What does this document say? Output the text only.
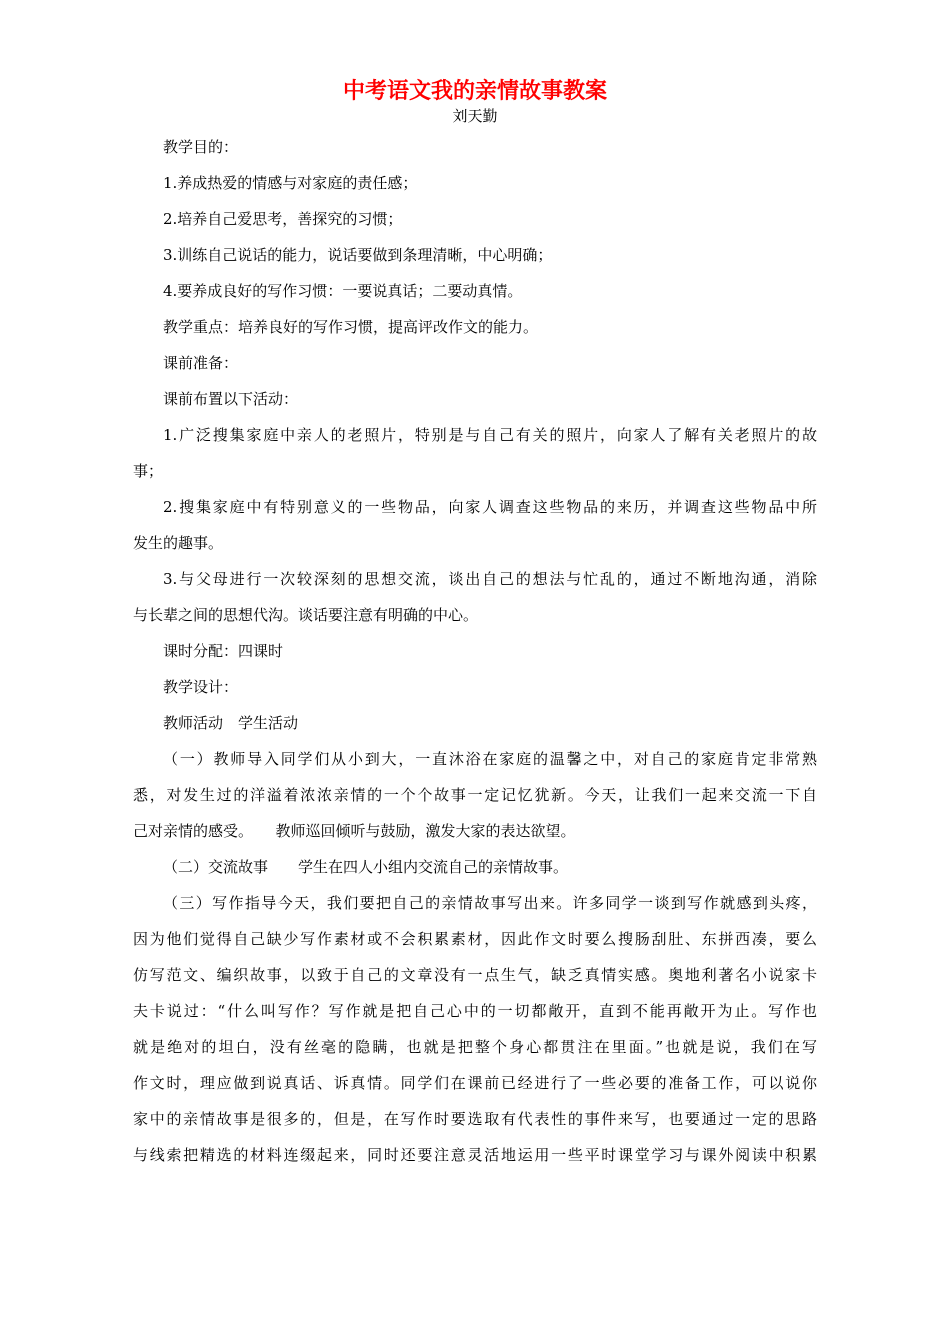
中考语文我的亲情故事教案
刘天勤

教学目的：

1.养成热爱的情感与对家庭的责任感；

2.培养自己爱思考，善探究的习惯；

3.训练自己说话的能力，说话要做到条理清晰，中心明确；

4.要养成良好的写作习惯：一要说真话；二要动真情。

教学重点：培养良好的写作习惯，提高评改作文的能力。

课前准备：

课前布置以下活动：

1.广泛搜集家庭中亲人的老照片，特别是与自己有关的照片，向家人了解有关老照片的故

事；

2.搜集家庭中有特别意义的一些物品，向家人调查这些物品的来历，并调查这些物品中所

发生的趣事。

3.与父母进行一次较深刻的思想交流，谈出自己的想法与忙乱的，通过不断地沟通，消除

与长辈之间的思想代沟。谈话要注意有明确的中心。

课时分配：四课时

教学设计：

教师活动　学生活动

（一）教师导入同学们从小到大，一直沐浴在家庭的温馨之中，对自己的家庭肯定非常熟

悉，对发生过的洋溢着浓浓亲情的一个个故事一定记忆犹新。今天，让我们一起来交流一下自

己对亲情的感受。　　教师巡回倾听与鼓励，激发大家的表达欲望。

（二）交流故事　　学生在四人小组内交流自己的亲情故事。

（三）写作指导今天，我们要把自己的亲情故事写出来。许多同学一谈到写作就感到头疼，

因为他们觉得自己缺少写作素材或不会积累素材，因此作文时要么搜肠刮肚、东拼西凑，要么

仿写范文、编织故事，以致于自己的文章没有一点生气，缺乏真情实感。奥地利著名小说家卡

夫卡说过：“什么叫写作？写作就是把自己心中的一切都敞开，直到不能再敞开为止。写作也

就是绝对的坦白，没有丝毫的隐瞒，也就是把整个身心都贯注在里面。”也就是说，我们在写

作文时，理应做到说真话、诉真情。同学们在课前已经进行了一些必要的准备工作，可以说你

家中的亲情故事是很多的，但是，在写作时要选取有代表性的事件来写，也要通过一定的思路

与线索把精选的材料连缀起来，同时还要注意灵活地运用一些平时课堂学习与课外阅读中积累
